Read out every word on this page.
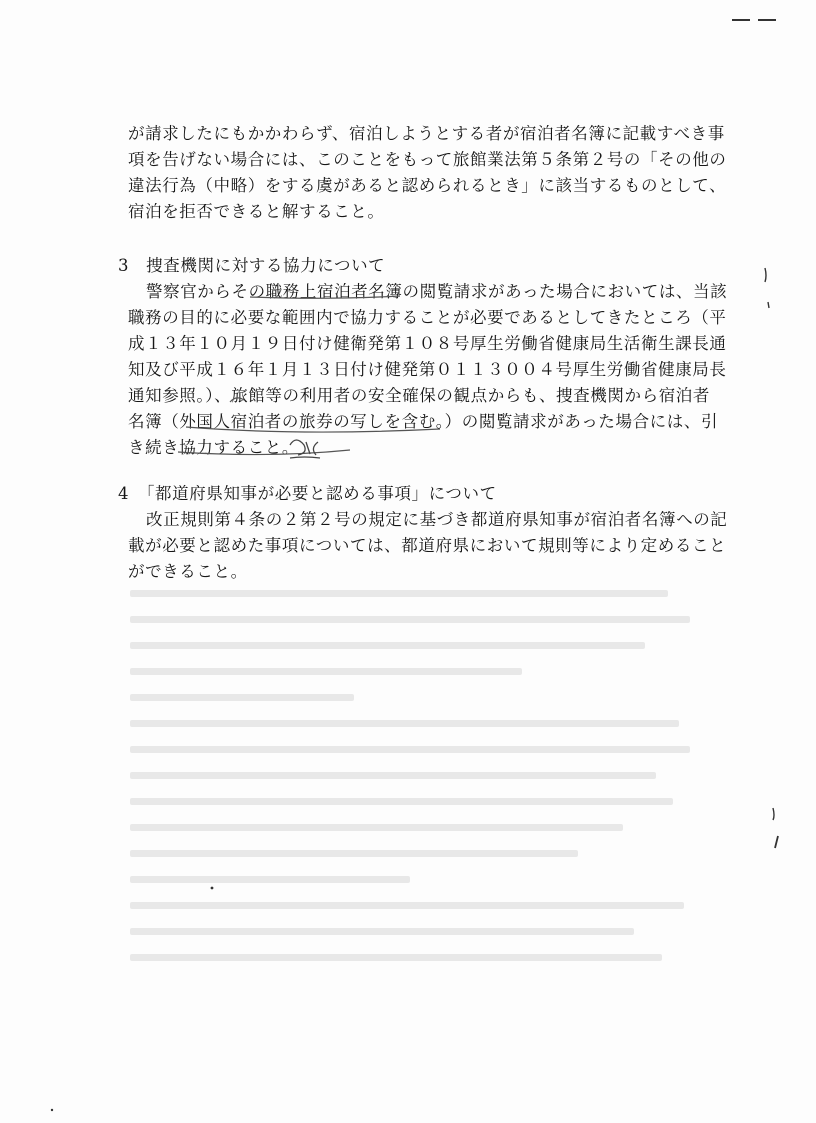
が請求したにもかかわらず、宿泊しようとする者が宿泊者名簿に記載すべき事
項を告げない場合には、このことをもって旅館業法第５条第２号の「その他の
違法行為（中略）をする虞があると認められるとき」に該当するものとして、
宿泊を拒否できると解すること。
3　捜査機関に対する協力について
警察官からその職務上宿泊者名簿の閲覧請求があった場合においては、当該
職務の目的に必要な範囲内で協力することが必要であるとしてきたところ（平
成１３年１０月１９日付け健衛発第１０８号厚生労働省健康局生活衛生課長通
知及び平成１６年１月１３日付け健発第０１１３００４号厚生労働省健康局長
通知参照。）、旅館等の利用者の安全確保の観点からも、捜査機関から宿泊者
名簿（外国人宿泊者の旅券の写しを含む。）の閲覧請求があった場合には、引
き続き協力すること。
4　「都道府県知事が必要と認める事項」について
改正規則第４条の２第２号の規定に基づき都道府県知事が宿泊者名簿への記
載が必要と認めた事項については、都道府県において規則等により定めること
ができること。
